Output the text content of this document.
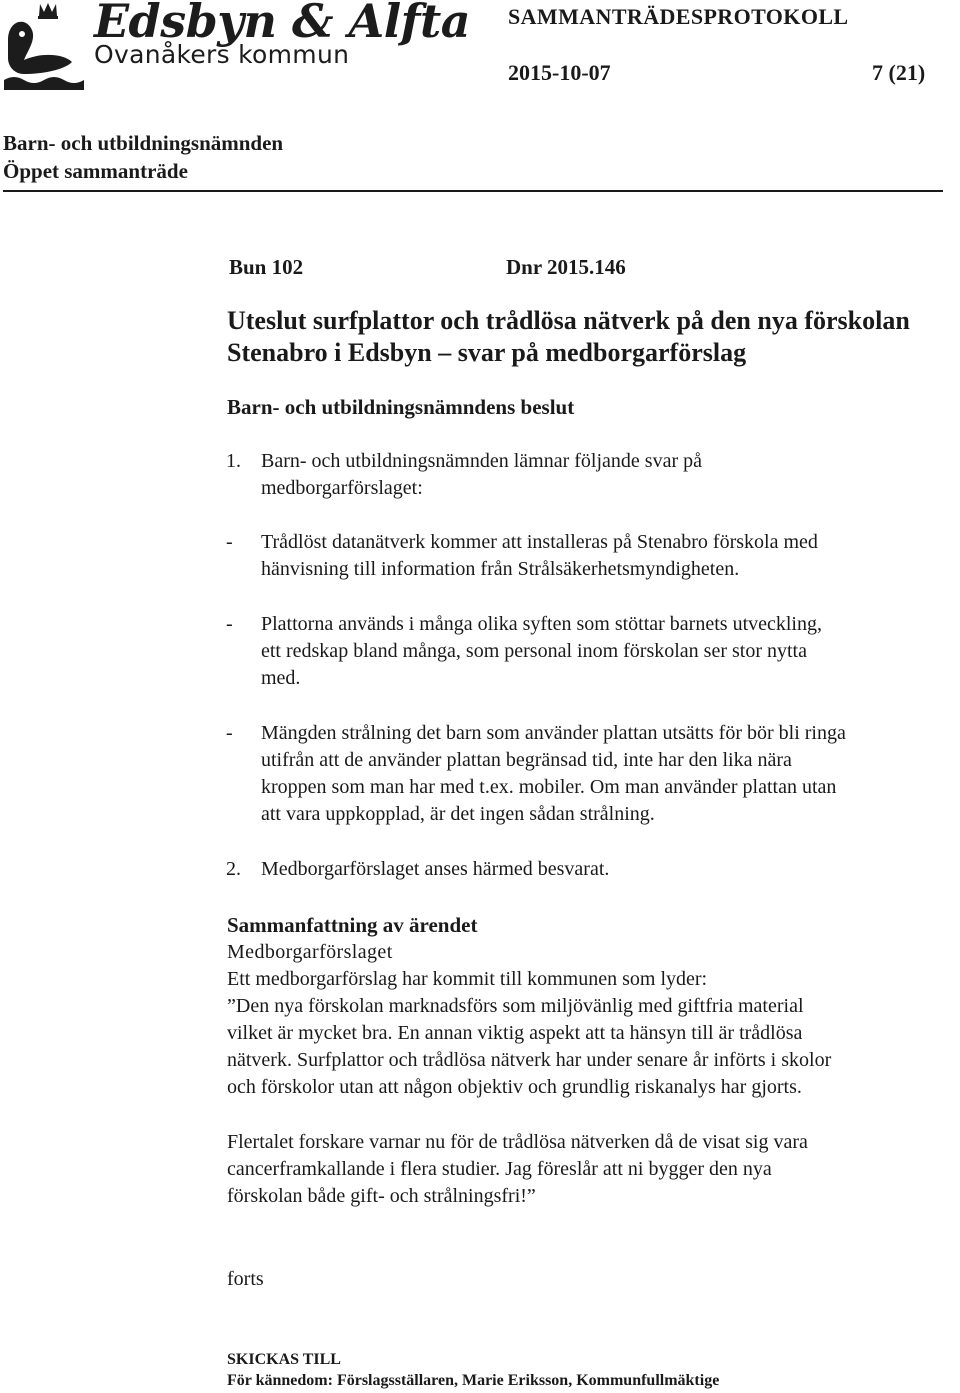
Edsbyn & Alfta
Ovanåkers kommun
SAMMANTRÄDESPROTOKOLL
2015-10-07	7 (21)
Barn- och utbildningsnämnden
Öppet sammanträde
Bun 102	Dnr 2015.146
Uteslut surfplattor och trådlösa nätverk på den nya förskolan
Stenabro i Edsbyn – svar på medborgarförslag
Barn- och utbildningsnämndens beslut
1. Barn- och utbildningsnämnden lämnar följande svar på
medborgarförslaget:
- Trådlöst datanätverk kommer att installeras på Stenabro förskola med
hänvisning till information från Strålsäkerhetsmyndigheten.
- Plattorna används i många olika syften som stöttar barnets utveckling,
ett redskap bland många, som personal inom förskolan ser stor nytta
med.
- Mängden strålning det barn som använder plattan utsätts för bör bli ringa
utifrån att de använder plattan begränsad tid, inte har den lika nära
kroppen som man har med t.ex. mobiler. Om man använder plattan utan
att vara uppkopplad, är det ingen sådan strålning.
2. Medborgarförslaget anses härmed besvarat.
Sammanfattning av ärendet
Medborgarförslaget
Ett medborgarförslag har kommit till kommunen som lyder:
”Den nya förskolan marknadsförs som miljövänlig med giftfria material
vilket är mycket bra. En annan viktig aspekt att ta hänsyn till är trådlösa
nätverk. Surfplattor och trådlösa nätverk har under senare år införts i skolor
och förskolor utan att någon objektiv och grundlig riskanalys har gjorts.
Flertalet forskare varnar nu för de trådlösa nätverken då de visat sig vara
cancerframkallande i flera studier. Jag föreslår att ni bygger den nya
förskolan både gift- och strålningsfri!”
forts
SKICKAS TILL
För kännedom: Förslagsställaren, Marie Eriksson, Kommunfullmäktige
